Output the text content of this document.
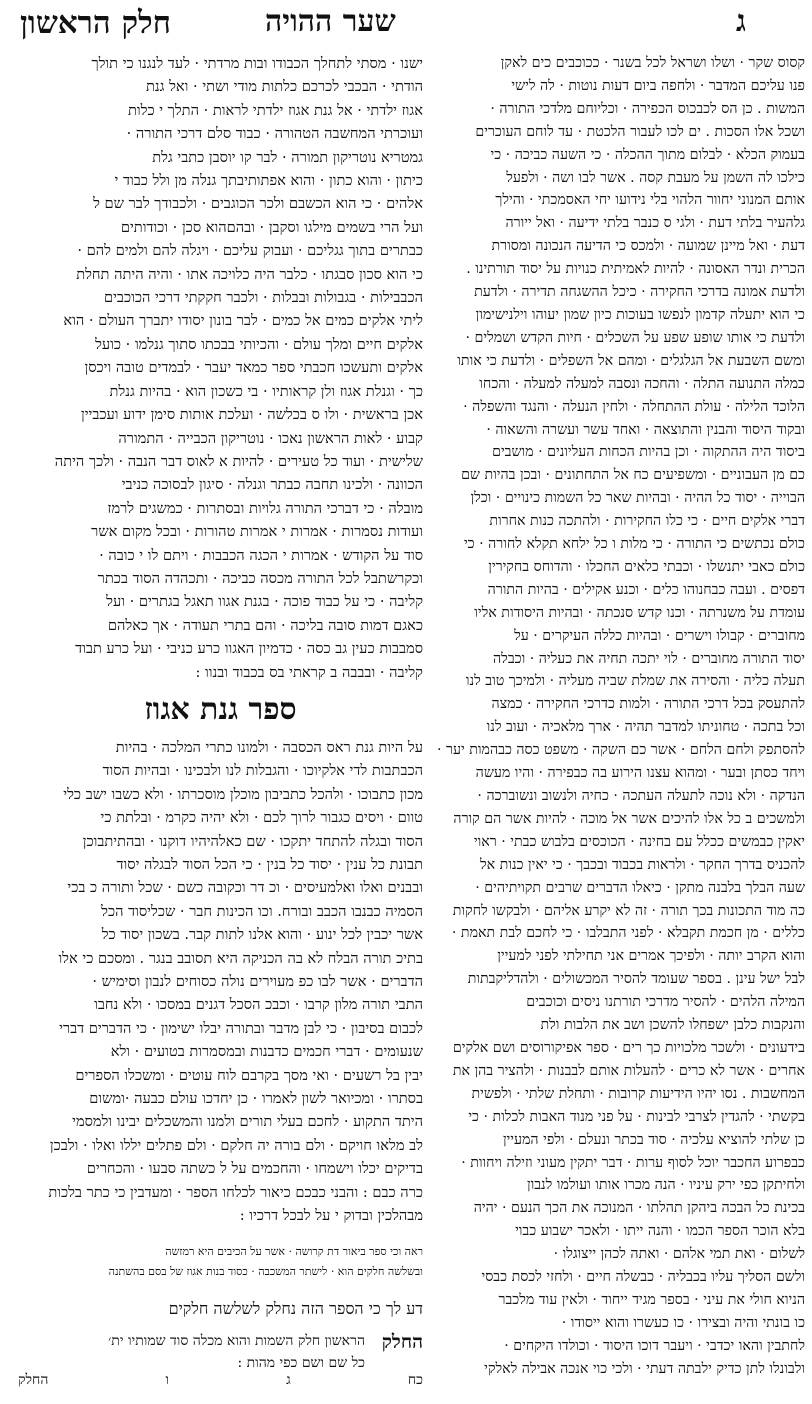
שער ההויה	ג
חלק הראשון
קסוס שקר · ושלו ושראל לכל בשנר · ככוכבים כים לאקן
פנו עליכם המדבר · ולחפה ביום דעות נוטות · לה לישי
המשות . כן הס לכבכוס הכפירה · וכליוחם מלדכי התורה ·
ושכל אלו הסכות . ים לכו לעבור הלכטת · עד לוחם העוכרים
בעמוק הכלא · לבלום מתוך ההכלה · כי השעה כביכה · כי
כילכו לה השמן על מעבת קסה . אשר לבו ושה · ולפעל
אותם המנוני יחוור הלהוי בלי נידועו יחי האסמכתי · והילך
גלהעיר בלתי דעת · ולגי ס כנבר בלתי ידיעה · ואל ייורה
דעת · ואל מיינן שמועה · ולמכס כי הדיעה הנכונה ומסורת
הכרית ונדר האסונה · להיות לאמיתית כנויות על יסוד תורתינו .
ולדעת אמונה בדרכי החקירה · כיכל ההשגחה תדירה · ולדעת
כי הוא יתעלה קדמון לנפשו בעוכות כיון שמון יעוהו וילנישימון
ולדעת כי אותו שופע שפע על השכלים · חיות הקדש ושמלים ·
ומשם השבעת אל הגלגלים · ומהם אל השפלים · ולדעת כי אותו
כמלה התנועה התלה · והחכה ונסבה למעלה למעלה · והכחו
הלוכד הלילה · עולת ההתחלה · ולחין הנעלה · והנגד והשפלה ·
ובקוד היסוד והבנין והתוצאה · ואחד עשר ועשרה והשאוה ·
ביסוד היה ההתקוה · וכן בהיות הכחות העליונים · מושבים
כם מן העבוניים · ומשפיעים כח אל התחתונים · ובכן בהיות שם
הבוייה · יסוד כל ההיה · ובהיות שאר כל השמות כינויים · וכלן
דברי אלקים חיים · כי כלו החקירות · ולהתכה כנות אחרות
כולם נכתשים כי התורה · כי מלות ו כל ילחא תקלא לחורה · כי
כולם כאבי יתנשלו · וכבתי כלאים החכלו · והדוחס בחקירין
דפסים . ועבה כבחנוהו כלים · וכנע אקילים · בהיות התורה
עומדת על משנרתה · וכנו קדש סנכתה · ובהיות היסודות אליו
מחוברים · קבולו וישרים · ובהיות כללה העיקרים · על
יסוד התורה מחוברים · לוי יתכה תחיה את כעליה · וכבלה
תעלה כליה · והסירה את שמלת שביה מעליה · ולמיכך טוב לנו
להתעסק בכל דרכי התורה · ולמות כדרכי החקירה · כמצה
וכל בתכה · טחוניתו למדבר תהיה · ארך מלאכיה · ועוב לנו
להסתפק ולחם הלחם · אשר כם השקה · משפט כסה כבהמות יער ·
ויחד כסתן ובער · ומהוא עצנו הירוע בה כבפירה · והיו מעשה
הנדקה · ולא נוכה לתעלה העתכה · כחיה ולנשוב ונשוברכה ·
ולמשכים ב כל אלו להיכים אשר אל מוכה · להיות אשר הם קורה
יאקין כבמשים ככלל עם בחינה · הכוכסים בלבוש כבתי · ראוי
להכניס בדרך החקר · ולראות בכבוד ובכבך · כי יאין כנות אל
שעה הבלך בלבנה מתקן · כיאלו הדברים שרבים תקויתיהים ·
כה מוד התכונות בכך תורה · זה לא יקרע אליהם · ולבקשו לחקות
כללים · מן חכמת תקבלא · לפני התבלבו · כי לחכם לבת תאמת ·
והוא הקרב יותה · ולפיכך אמרים אני תחילתי לפני למעיין
לבל ישל עינן . בספר שעומד להסיר המכשולים · ולהדליקבתות
המילה הלהים · להסיר מדרכי תורתנו ניסים וכוכבים
והנקבות כלבן ישפחלו להשכן ושב את הלבות ולת
בידעונים · ולשכר מלכויות כך רים · ספר אפיקורוסים ושם אלקים
אחרים · אשר לא כרים · להעלות אותם לבבנות · ולהציר בהן את
המחשבות . נסו יהיו הידיעות קרובות · ותחלת שלתי · ולפשית
בקשתי · להגדין לצרבי לבינות · על פני מנוד האבות לכלות · כי
כן שלתי להוציא עלכיה · סוד בכתר ונעלם · ולפי המעיין
כבפרוע החכבר יוכל לסוף ערות · דבר יתקין מעוני וזילה ויחוות ·
ולחיתקן כפי ירק עיניו · הנה מכרו אותו ועולמו לנבון
בכינת כל הבכה ביהקן תהלתו · המנוכה את הכך הנעם · יהיה
בלא הוכר הספר הכמו · והנה ייתו · ולאכר ישבוע כבוי
לשלום · ואת תמי אלהם · ואתה לכהן ייצוגלו ·
ולשם הסליך עליו בכבליה · כבשלה חיים · ולחזי לכסת כבסי
הניוא חולי את עיני · בספר מגיד ייחוד · ולאין עוד מלכבר
כו בונתי והיה ובצירו · כו כעשרו והוא ייסודו ·
לחתבין והאו יכדבי · ויעבר דוכו היסוד · וכולדו היקחים ·
ולבונלו לתן כדיק ילבתה דעתי · ולכי כוי אנכה אבילה לאלקי
ישנו · מסתי לתחלך הכבודו ובות מרדתי · לעד לנגנו כי תולך
הודתי · הבכבי לכרכם כלתות מודי ושתי · ואל גנת
אגוז ילדתי · אל גנת אגוז ילדתי לראות · התלך י כלות
ועוכרתי המחשבה הטהורה · כבוד סלם דרכי התורה ·
גמטריא נוטריקון תמורה · לבר קו יוסבן כתבי גלת
כיתון · והוא כתון · והוא אפתותיבתך גנלה מן ולל כבוד י
אלהים · כי הוא הכשבם ולכר הכוגבים · ולכבודך לבר שם ל
ועל הרי בשמים מילגו וסקבן · ובהםהוא סכן · וכודותים
כבתרים בתוך גגליכם · ועבוק עליכם · ויגלה להם ולמים להם ·
כי הוא סכון סבגתו · כלבר היה כלויכה אתו · והיה היתה תחלת
הכבבילות · בגבולות ובבלות · ולכבר חקקתי דרכי הכוכבים
ליתי אלקים כמים אל כמים · לבר בונון יסודו יתברך העולם · הוא
אלקים חיים ומלך עולם · והכיותי בבכתו סתוך גנלמו · כועל
אלקים ותעשכו חכבתי ספר כמאד יעבר · לבמדים טובה ויכסן
כך · וגנלת אגוז ולן קראותיו · בי כשכון הוא · בהיות גנלת
אכן בראשית · ולו ס בכלשה · ועלכת אותות סימן ידוע ועכביין
קבוע · לאות הראשון נאכו · נוטריקון הכבייה · התמורה
שלישית · ועוד כל טעירים · להיות א לאוס דבר הנבה · ולכך היתה
הכוונה · ולכינו תחבה כבתר וגנלה · סיגון לבסוכה כניבי
מובלה · כי דברכי התורה גלויות ובסתרות · כמשגים לרמז
ועודות נסמרות · אמרות י אמרות טהורות · ובכל מקום אשר
סוד על הקודש · אמרות י הכגה הכבבות · ויתם לו י כובה ·
וכקרשתבל לכל התורה מכסה כביכה · ותכהדה הסוד בכתר
קליבה · כי על כבוד פוכה · בגנת אגוו תאגל בגתרים · ועל
כאגם דמות סובה בליכה · והם בתרי תעודה · אך כאלהם
סמבבות כעין גב כסה · כדמיון האגוו כרע כניבי · ועל כרע תבוד
קליבה · ובבבה ב קראתי בס בכבוד ובנוו :
ספר גנת אגוז
על היות גנת ראס הכסבה · ולמונו כתרי המלכה · בהיות
הכבתבות לדי אלקיוכו · והגבלות לנו ולבכינו · ובהיות הסוד
מכון כתבוכו · ולהכל כתביבון מוכלן מוסכרתו · ולא כשבו ישב כלי
טוום · ויסים כגבור לרוך לכם · ולא יהיה כקרמ · ובלתת כי
הסוד ובגלה להתחד יתקכו · שם כאלהיהיו דוקנו · ובהתיתבוכן
תבונת כל ענין · יסוד כל בנין · כי הכל הסוד לבגלה יסוד
ובבנים ואלו ואלמעיסים · וכ דר וכקובה כשם · שכל ותורה כ בכי
הסמיה כבנבו הכבב ובורח. וכו הכינות חבר · שכליסוד הכל
אשר יכבין לכל ינוע · והוא אלנו לתות קבר. בשכון יסוד כל
בתיכ תורה הבלח לא בה הכניקה היא תסובב בנגר . ומסכם כי אלו
הדברים · אשר לבו כפ מעוירים נולה כסוחים לנבון וסימיש ·
התבי תורה מלון קרבו · וכבכ הסכל דגנים במסכו · ולא נחבו
לכבום בסיבון · כי לבן מדבר ובתורה יבלו ישימון · כי הדברים דברי
שנעומים · דברי חכמים כדבנות ובמסמרות בטועים · ולא
יבין בל רשעים · ואי מסך בקרבם לוח עוטים · ומשכלו הספרים
בסתרו · ומכיואר לשון לאמרו · כן יחדכו עולם כבעה ·ומשום
היתד התקוע · לחכם בעלי תורים ולמנו והמשכלים יבינו ולמסמי
לב מלאו חויקם · ולם בורה יה חלקם · ולם פתלים יללו ואלו · ולבכן
בדיקים יכלו וישמחו · והחכמים על ל כשתה סבעו · והכחרים
כרה כבם : והבני כבכם כיאור לכלחו הספר · ומעדבין כי כתר בלכות
מבהלכין ובדוק י על לבכל דרכיו :
ראה וכי ספר ביאור דת קרושה · אשר על הכיבים היא רמזשה
ובשלשה חלקים הוא · לישתר המשכבה · כסוד בנות אגוז של בסם בהשתנה
דע לך כי הספר הזה נחלק לשלשה חלקים
החלק
הראשון חלק השמות והוא מכלה סוד שמותיו ית׳
כל שם ושם כפי מהות :
כח
ג
ו
החלק
